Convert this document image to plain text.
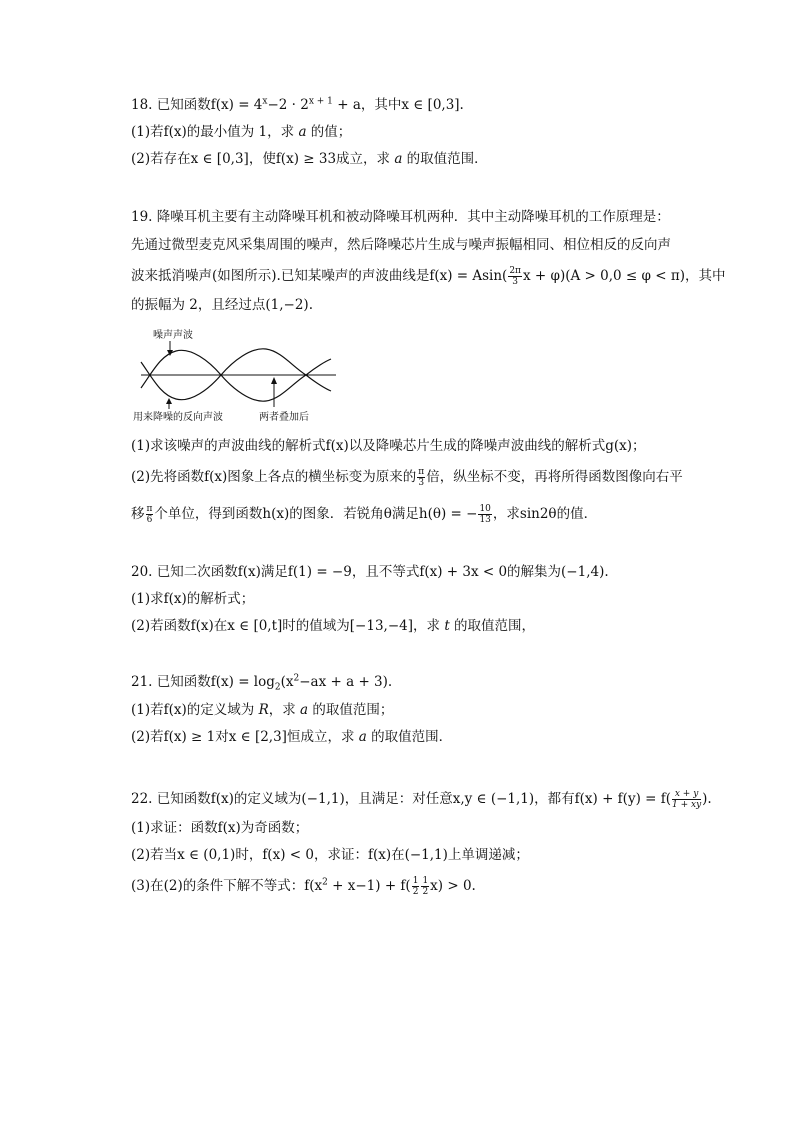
18. 已知函数$f(x) = 4^x-2 \cdot 2^{x + 1} + a$，其中x ∈ [0,3].
(1)若f(x)的最小值为 1，求 a 的值；
(2)若存在x ∈ [0,3]，使f(x) ≥ 33成立，求 a 的取值范围．
19. 降噪耳机主要有主动降噪耳机和被动降噪耳机两种．其中主动降噪耳机的工作原理是：
先通过微型麦克风采集周围的噪声，然后降噪芯片生成与噪声振幅相同、相位相反的反向声
波来抵消噪声(如图所示).已知某噪声的声波曲线是$f(x) = Asin( \frac{2\pi}{3}$ x + φ)(A > 0,0 ≤ φ < π)，其中
的振幅为 2，且经过点(1,−2).
噪声声波
用来降噪的反向声波	两者叠加后
(1)求该噪声的声波曲线的解析式f(x)以及降噪芯片生成的降噪声波曲线的解析式g(x)；
(2)先将函数f(x)图象上各点的横坐标变为原来的 $\frac{\pi}{3}$ 倍，纵坐标不变，再将所得函数图像向右平
移 $\frac{\pi}{6}$ 个单位，得到函数h(x)的图象．若锐角θ满足h(θ) = − $\frac{10}{13}$ ，求sin2θ的值．
20. 已知二次函数f(x)满足f(1) = −9，且不等式f(x) + 3x < 0的解集为(−1,4).
(1)求f(x)的解析式；
(2)若函数f(x)在x ∈ [0,t]时的值域为[−13,−4]，求 t 的取值范围，
21. 已知函数$f(x) = \log_2(x^2-ax + a + 3)$.
(1)若f(x)的定义域为 R，求 a 的取值范围；
(2)若f(x) ≥ 1对x ∈ [2,3]恒成立，求 a 的取值范围．
22. 已知函数f(x)的定义域为(−1,1)，且满足：对任意x,y ∈ (−1,1)，都有$f(x) + f(y) = f( \frac{x + y}{1 + xy}$ ).
(1)求证：函数f(x)为奇函数；
(2)若当x ∈ (0,1)时，f(x) < 0，求证：f(x)在(−1,1)上单调递减；
(3)在(2)的条件下解不等式：$f(x^2 + x-1) + f( \frac{1}{2} \frac{1}{2} x) > 0$.
